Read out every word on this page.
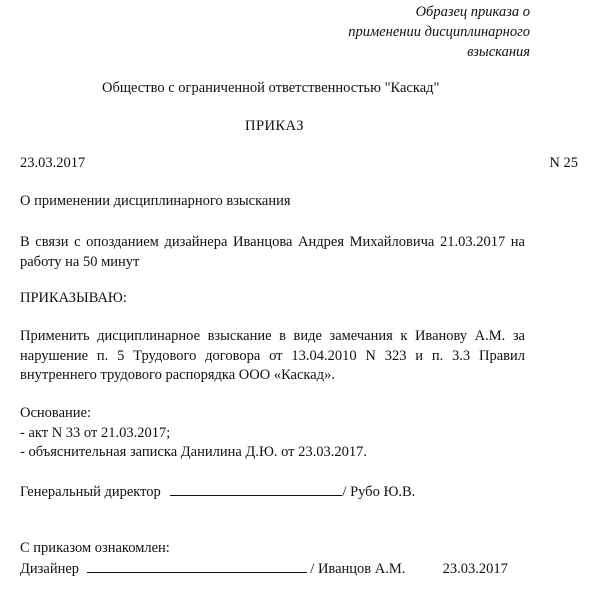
Образец приказа о
применении дисциплинарного
взыскания
Общество с ограниченной ответственностью "Каскад"
ПРИКАЗ
23.03.2017	N 25
О применении дисциплинарного взыскания
В связи с опозданием дизайнера Иванцова Андрея Михайловича 21.03.2017 на
работу на 50 минут
ПРИКАЗЫВАЮ:
Применить дисциплинарное взыскание в виде замечания к Иванову А.М. за
нарушение п. 5 Трудового договора от 13.04.2010 N 323 и п. 3.3 Правил
внутреннего трудового распорядка ООО «Каскад».
Основание:
- акт N 33 от 21.03.2017;
- объяснительная записка Данилина Д.Ю. от 23.03.2017.
Генеральный директор	/ Рубо Ю.В.
С приказом ознакомлен:
Дизайнер	/ Иванцов А.М.	23.03.2017
